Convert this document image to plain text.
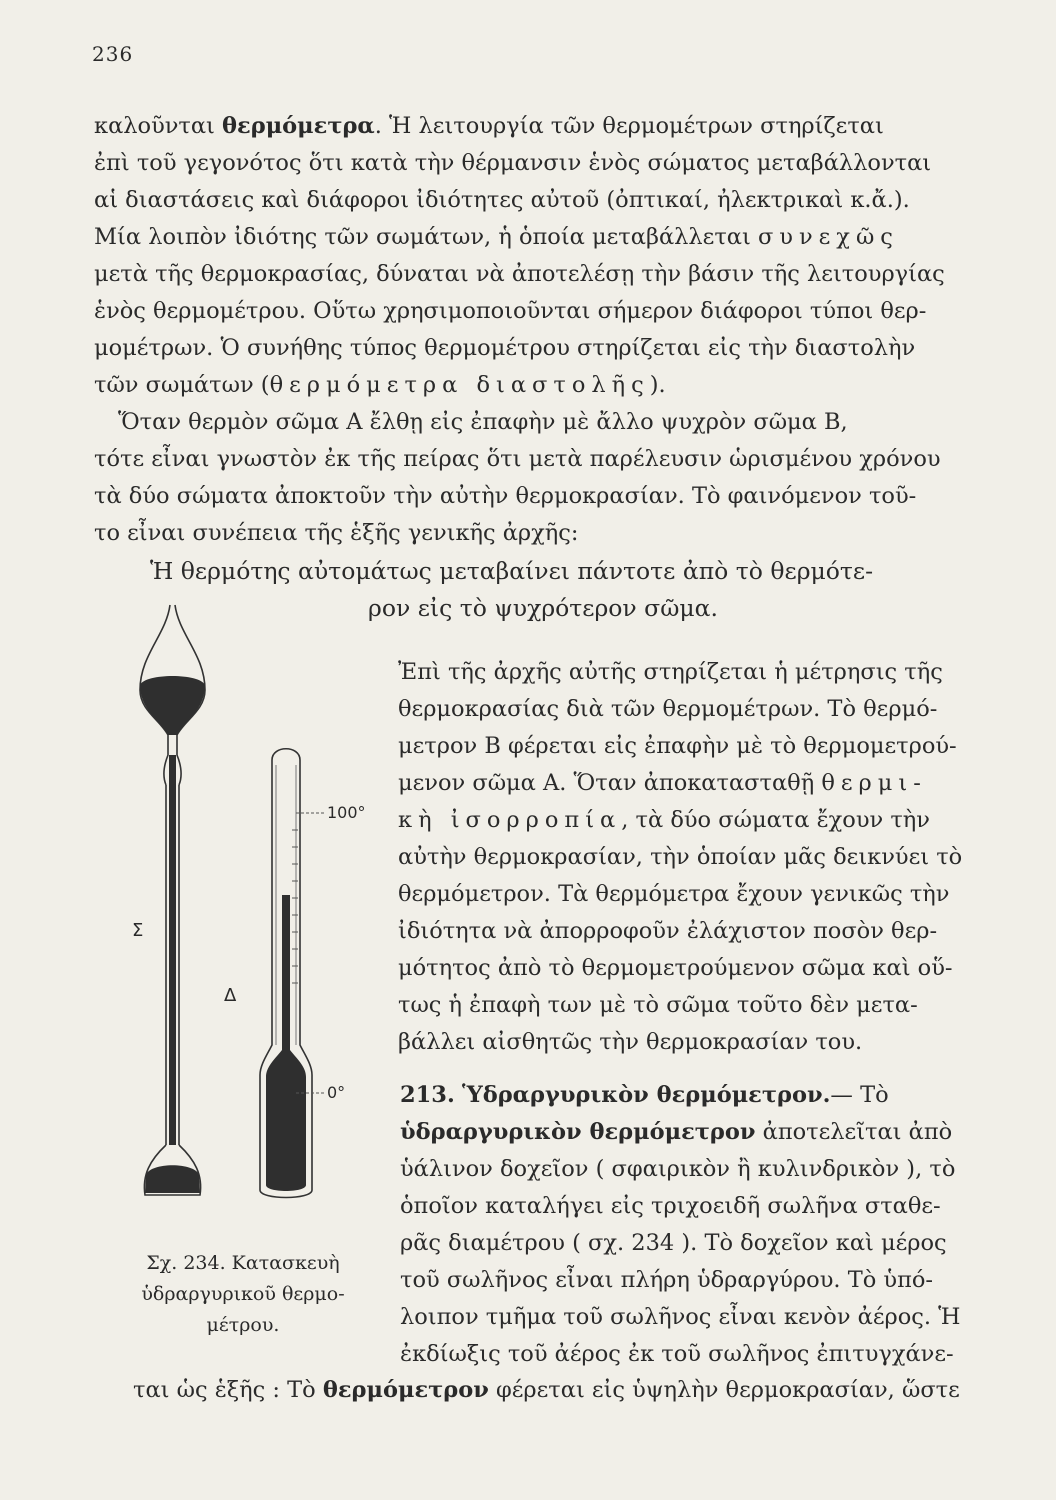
236
καλοῦνται θερμόμετρα. Ἡ λειτουργία τῶν θερμομέτρων στηρίζεται
ἐπὶ τοῦ γεγονότος ὅτι κατὰ τὴν θέρμανσιν ἑνὸς σώματος μεταβάλλονται
αἱ διαστάσεις καὶ διάφοροι ἰδιότητες αὐτοῦ (ὀπτικαί, ἠλεκτρικαὶ κ.ἄ.).
Μία λοιπὸν ἰδιότης τῶν σωμάτων, ἡ ὁποία μεταβάλλεται συνεχῶς
μετὰ τῆς θερμοκρασίας, δύναται νὰ ἀποτελέσῃ τὴν βάσιν τῆς λειτουργίας
ἑνὸς θερμομέτρου. Οὕτω χρησιμοποιοῦνται σήμερον διάφοροι τύποι θερ-
μομέτρων. Ὁ συνήθης τύπος θερμομέτρου στηρίζεται εἰς τὴν διαστολὴν
τῶν σωμάτων (θερμόμετρα διαστολῆς).
Ὅταν θερμὸν σῶμα Α ἔλθῃ εἰς ἐπαφὴν μὲ ἄλλο ψυχρὸν σῶμα Β,
τότε εἶναι γνωστὸν ἐκ τῆς πείρας ὅτι μετὰ παρέλευσιν ὡρισμένου χρόνου
τὰ δύο σώματα ἀποκτοῦν τὴν αὐτὴν θερμοκρασίαν. Τὸ φαινόμενον τοῦ-
το εἶναι συνέπεια τῆς ἑξῆς γενικῆς ἀρχῆς:
Ἡ θερμότης αὐτομάτως μεταβαίνει πάντοτε ἀπὸ τὸ θερμότε-
ρον εἰς τὸ ψυχρότερον σῶμα.
Ἐπὶ τῆς ἀρχῆς αὐτῆς στηρίζεται ἡ μέτρησις τῆς
θερμοκρασίας διὰ τῶν θερμομέτρων. Τὸ θερμό-
μετρον Β φέρεται εἰς ἐπαφὴν μὲ τὸ θερμομετρού-
μενον σῶμα Α. Ὅταν ἀποκατασταθῇ θερμι-
κὴ ἰσορροπία, τὰ δύο σώματα ἔχουν τὴν
αὐτὴν θερμοκρασίαν, τὴν ὁποίαν μᾶς δεικνύει τὸ
θερμόμετρον. Τὰ θερμόμετρα ἔχουν γενικῶς τὴν
ἰδιότητα νὰ ἀπορροφοῦν ἐλάχιστον ποσὸν θερ-
μότητος ἀπὸ τὸ θερμομετρούμενον σῶμα καὶ οὕ-
τως ἡ ἐπαφὴ των μὲ τὸ σῶμα τοῦτο δὲν μετα-
βάλλει αἰσθητῶς τὴν θερμοκρασίαν του.
213. Ὑδραργυρικὸν θερμόμετρον.— Τὸ
ὑδραργυρικὸν θερμόμετρον ἀποτελεῖται ἀπὸ
ὑάλινον δοχεῖον ( σφαιρικὸν ἢ κυλινδρικὸν ), τὸ
ὁποῖον καταλήγει εἰς τριχοειδῆ σωλῆνα σταθε-
ρᾶς διαμέτρου ( σχ. 234 ). Τὸ δοχεῖον καὶ μέρος
τοῦ σωλῆνος εἶναι πλήρη ὑδραργύρου. Τὸ ὑπό-
λοιπον τμῆμα τοῦ σωλῆνος εἶναι κενὸν ἀέρος. Ἡ
ἐκδίωξις τοῦ ἀέρος ἐκ τοῦ σωλῆνος ἐπιτυγχάνε-
ται ὡς ἑξῆς : Τὸ θερμόμετρον φέρεται εἰς ὑψηλὴν θερμοκρασίαν, ὥστε
100°
0°
Σ
Δ
Σχ. 234. Κατασκευὴ
ὑδραργυρικοῦ θερμο-
μέτρου.
